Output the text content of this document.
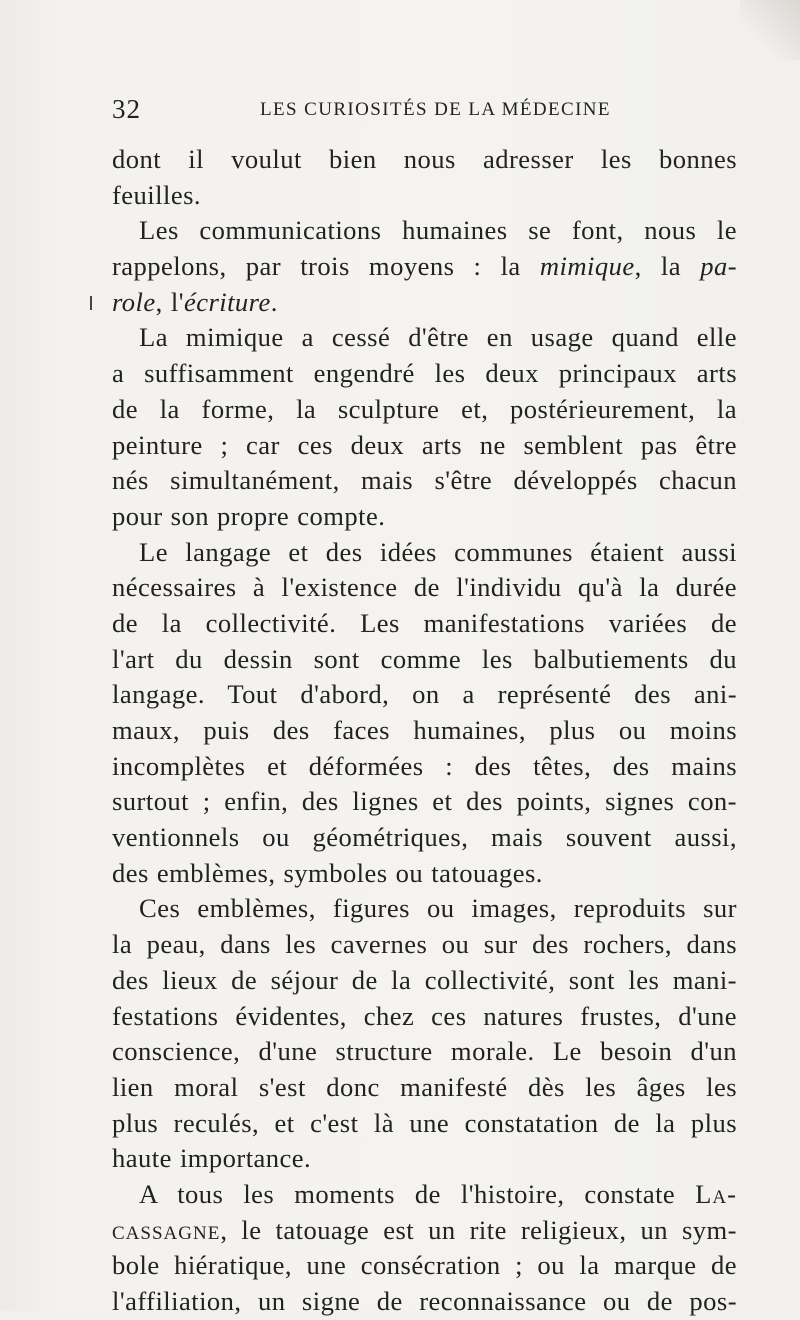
32	LES CURIOSITÉS DE LA MÉDECINE
dont il voulut bien nous adresser les bonnes
feuilles.
Les communications humaines se font, nous le
rappelons, par trois moyens : la mimique, la pa-
role, l'écriture.
La mimique a cessé d'être en usage quand elle
a suffisamment engendré les deux principaux arts
de la forme, la sculpture et, postérieurement, la
peinture ; car ces deux arts ne semblent pas être
nés simultanément, mais s'être développés chacun
pour son propre compte.
Le langage et des idées communes étaient aussi
nécessaires à l'existence de l'individu qu'à la durée
de la collectivité. Les manifestations variées de
l'art du dessin sont comme les balbutiements du
langage. Tout d'abord, on a représenté des ani-
maux, puis des faces humaines, plus ou moins
incomplètes et déformées : des têtes, des mains
surtout ; enfin, des lignes et des points, signes con-
ventionnels ou géométriques, mais souvent aussi,
des emblèmes, symboles ou tatouages.
Ces emblèmes, figures ou images, reproduits sur
la peau, dans les cavernes ou sur des rochers, dans
des lieux de séjour de la collectivité, sont les mani-
festations évidentes, chez ces natures frustes, d'une
conscience, d'une structure morale. Le besoin d'un
lien moral s'est donc manifesté dès les âges les
plus reculés, et c'est là une constatation de la plus
haute importance.
A tous les moments de l'histoire, constate La-
cassagne, le tatouage est un rite religieux, un sym-
bole hiératique, une consécration ; ou la marque de
l'affiliation, un signe de reconnaissance ou de pos-
